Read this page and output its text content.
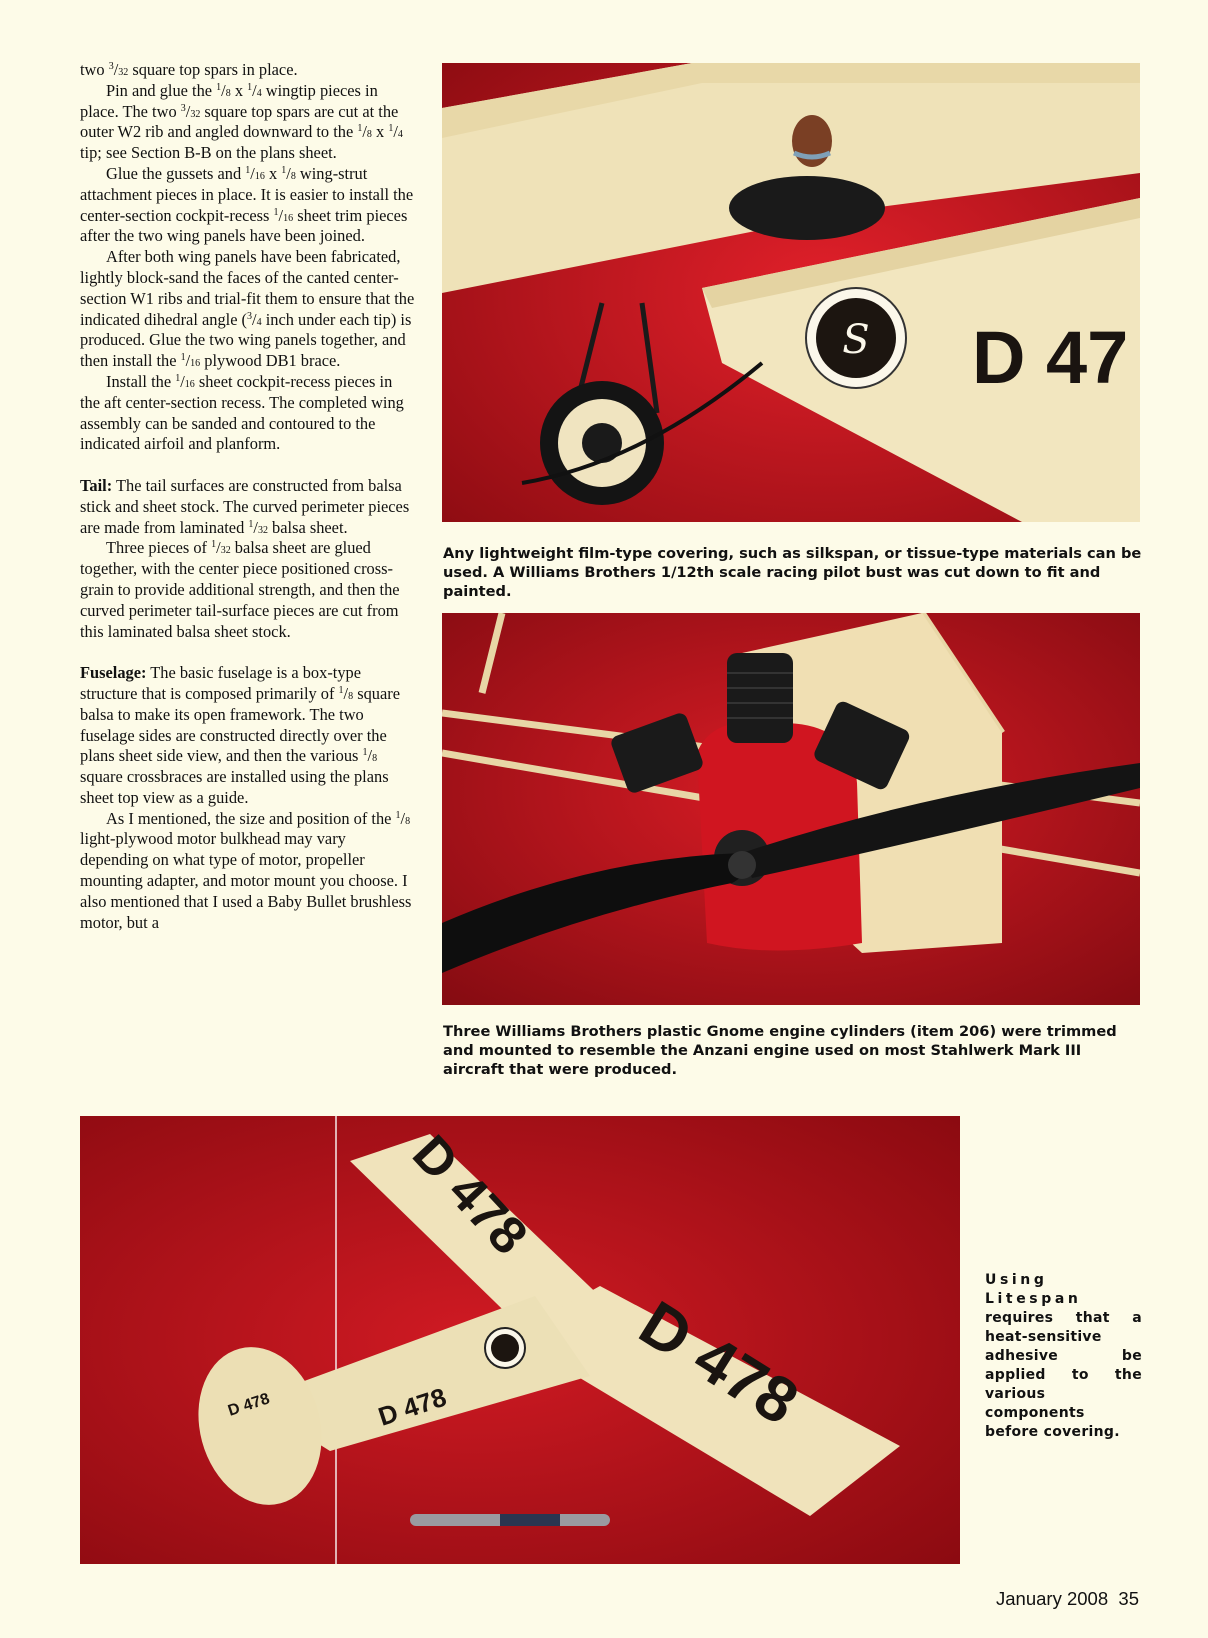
two $^3$/32 square top spars in place.

Pin and glue the $^1$/8 x $^1$/4 wingtip pieces in place. The two $^3$/32 square top spars are cut at the outer W2 rib and angled downward to the $^1$/8 x $^1$/4 tip; see Section B-B on the plans sheet.

Glue the gussets and $^1$/16 x $^1$/8 wing-strut attachment pieces in place. It is easier to install the center-section cockpit-recess $^1$/16 sheet trim pieces after the two wing panels have been joined.

After both wing panels have been fabricated, lightly block-sand the faces of the canted center-section W1 ribs and trial-fit them to ensure that the indicated dihedral angle ($^3$/4 inch under each tip) is produced. Glue the two wing panels together, and then install the $^1$/16 plywood DB1 brace.

Install the $^1$/16 sheet cockpit-recess pieces in the aft center-section recess. The completed wing assembly can be sanded and contoured to the indicated airfoil and planform.

Tail: The tail surfaces are constructed from balsa stick and sheet stock. The curved perimeter pieces are made from laminated $^1$/32 balsa sheet.

Three pieces of $^1$/32 balsa sheet are glued together, with the center piece positioned cross-grain to provide additional strength, and then the curved perimeter tail-surface pieces are cut from this laminated balsa sheet stock.

Fuselage: The basic fuselage is a box-type structure that is composed primarily of $^1$/8 square balsa to make its open framework. The two fuselage sides are constructed directly over the plans sheet side view, and then the various $^1$/8 square crossbraces are installed using the plans sheet top view as a guide.

As I mentioned, the size and position of the $^1$/8 light-plywood motor bulkhead may vary depending on what type of motor, propeller mounting adapter, and motor mount you choose. I also mentioned that I used a Baby Bullet brushless motor, but a

S D 47
Any lightweight film-type covering, such as silkspan, or tissue-type materials can be used. A Williams Brothers 1/12th scale racing pilot bust was cut down to fit and painted.
Three Williams Brothers plastic Gnome engine cylinders (item 206) were trimmed and mounted to resemble the Anzani engine used on most Stahlwerk Mark III aircraft that were produced.
D 478
D 478
D 478
D 478
Using Litespan requires that a heat-sensitive adhesive be applied to the various components before covering.
January 2008 35
